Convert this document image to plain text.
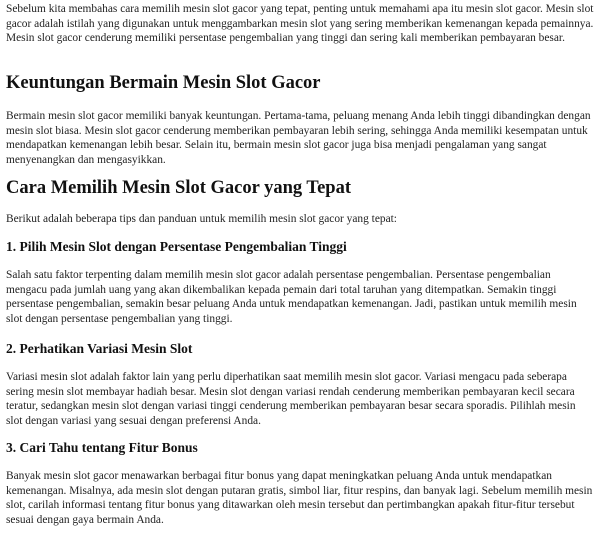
Sebelum kita membahas cara memilih mesin slot gacor yang tepat, penting untuk memahami apa itu mesin slot gacor. Mesin slot gacor adalah istilah yang digunakan untuk menggambarkan mesin slot yang sering memberikan kemenangan kepada pemainnya. Mesin slot gacor cenderung memiliki persentase pengembalian yang tinggi dan sering kali memberikan pembayaran besar.

Keuntungan Bermain Mesin Slot Gacor

Bermain mesin slot gacor memiliki banyak keuntungan. Pertama-tama, peluang menang Anda lebih tinggi dibandingkan dengan mesin slot biasa. Mesin slot gacor cenderung memberikan pembayaran lebih sering, sehingga Anda memiliki kesempatan untuk mendapatkan kemenangan lebih besar. Selain itu, bermain mesin slot gacor juga bisa menjadi pengalaman yang sangat menyenangkan dan mengasyikkan.

Cara Memilih Mesin Slot Gacor yang Tepat

Berikut adalah beberapa tips dan panduan untuk memilih mesin slot gacor yang tepat:

1. Pilih Mesin Slot dengan Persentase Pengembalian Tinggi

Salah satu faktor terpenting dalam memilih mesin slot gacor adalah persentase pengembalian. Persentase pengembalian mengacu pada jumlah uang yang akan dikembalikan kepada pemain dari total taruhan yang ditempatkan. Semakin tinggi persentase pengembalian, semakin besar peluang Anda untuk mendapatkan kemenangan. Jadi, pastikan untuk memilih mesin slot dengan persentase pengembalian yang tinggi.

2. Perhatikan Variasi Mesin Slot

Variasi mesin slot adalah faktor lain yang perlu diperhatikan saat memilih mesin slot gacor. Variasi mengacu pada seberapa sering mesin slot membayar hadiah besar. Mesin slot dengan variasi rendah cenderung memberikan pembayaran kecil secara teratur, sedangkan mesin slot dengan variasi tinggi cenderung memberikan pembayaran besar secara sporadis. Pilihlah mesin slot dengan variasi yang sesuai dengan preferensi Anda.

3. Cari Tahu tentang Fitur Bonus

Banyak mesin slot gacor menawarkan berbagai fitur bonus yang dapat meningkatkan peluang Anda untuk mendapatkan kemenangan. Misalnya, ada mesin slot dengan putaran gratis, simbol liar, fitur respins, dan banyak lagi. Sebelum memilih mesin slot, carilah informasi tentang fitur bonus yang ditawarkan oleh mesin tersebut dan pertimbangkan apakah fitur-fitur tersebut sesuai dengan gaya bermain Anda.
